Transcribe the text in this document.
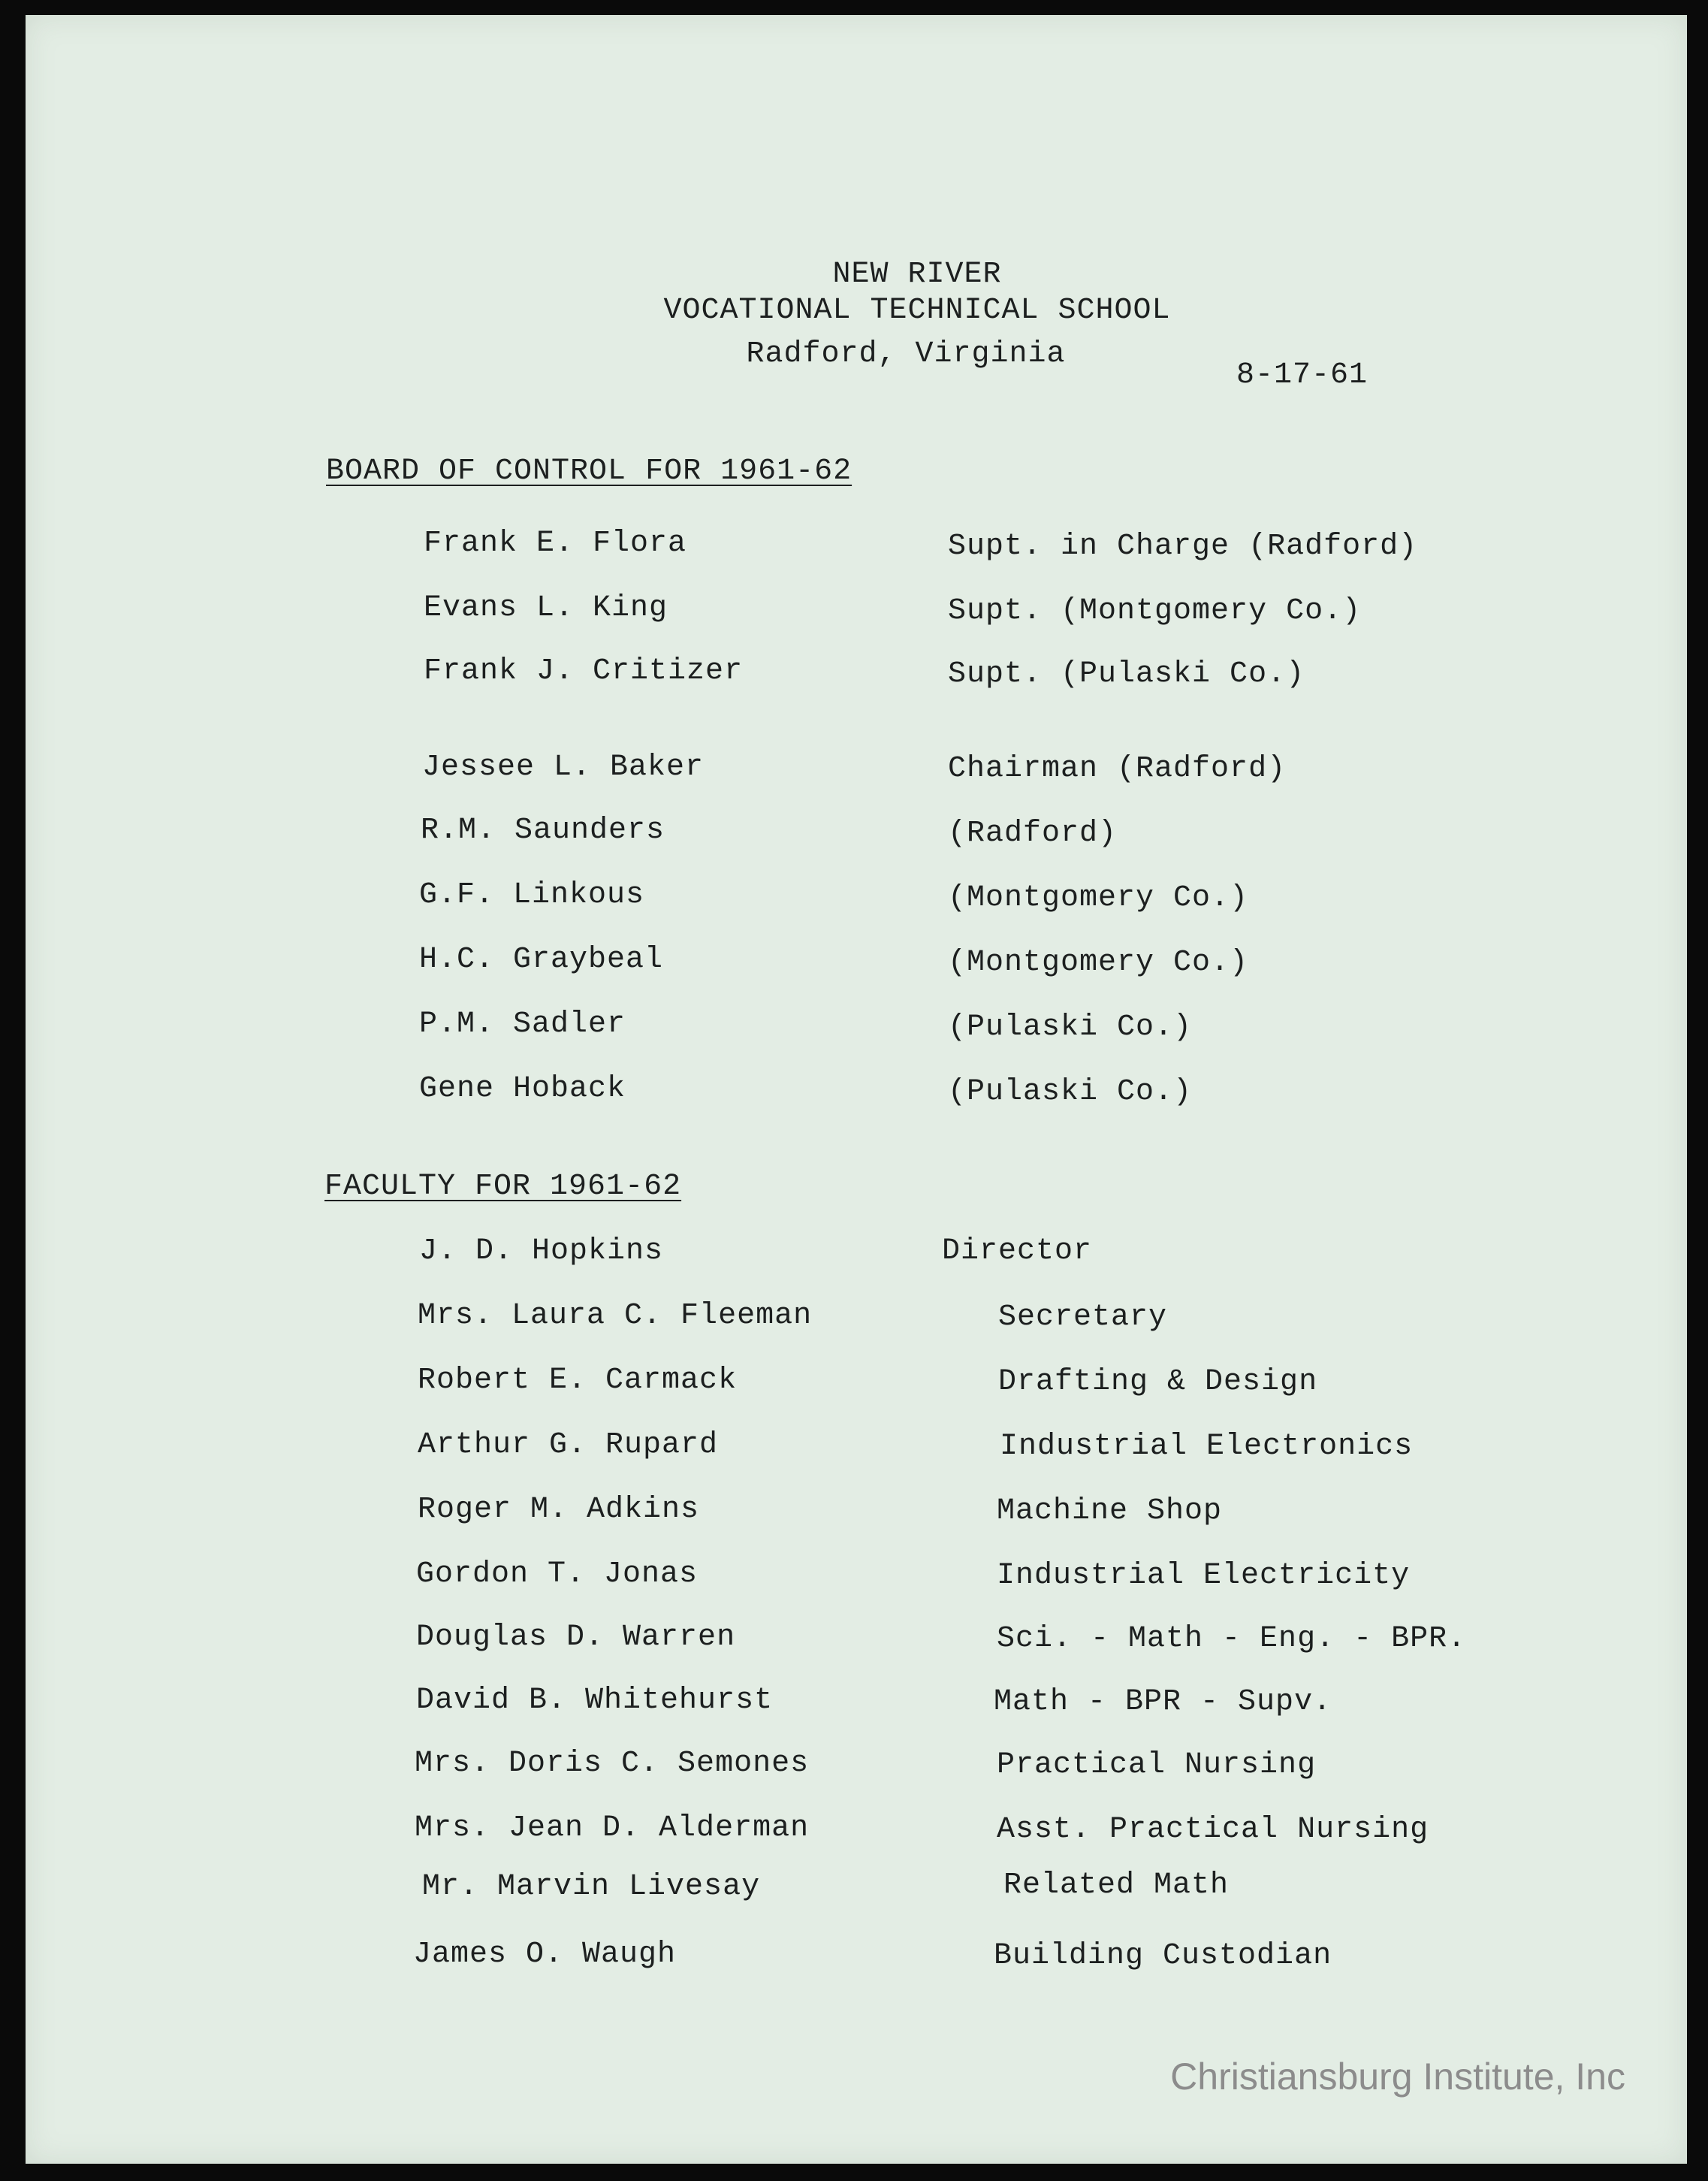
NEW RIVER
VOCATIONAL TECHNICAL SCHOOL
Radford, Virginia
8-17-61
BOARD OF CONTROL FOR 1961-62
Frank E. Flora	Supt. in Charge (Radford)
Evans L. King	Supt. (Montgomery Co.)
Frank J. Critizer	Supt. (Pulaski Co.)
Jessee L. Baker	Chairman (Radford)
R.M. Saunders	(Radford)
G.F. Linkous	(Montgomery Co.)
H.C. Graybeal	(Montgomery Co.)
P.M. Sadler	(Pulaski Co.)
Gene Hoback	(Pulaski Co.)
FACULTY FOR 1961-62
J. D. Hopkins	Director
Mrs. Laura C. Fleeman	Secretary
Robert E. Carmack	Drafting & Design
Arthur G. Rupard	Industrial Electronics
Roger M. Adkins	Machine Shop
Gordon T. Jonas	Industrial Electricity
Douglas D. Warren	Sci. - Math - Eng. - BPR.
David B. Whitehurst	Math - BPR - Supv.
Mrs. Doris C. Semones	Practical Nursing
Mrs. Jean D. Alderman	Asst. Practical Nursing
Mr. Marvin Livesay	Related Math
James O. Waugh	Building Custodian
Christiansburg Institute, Inc
